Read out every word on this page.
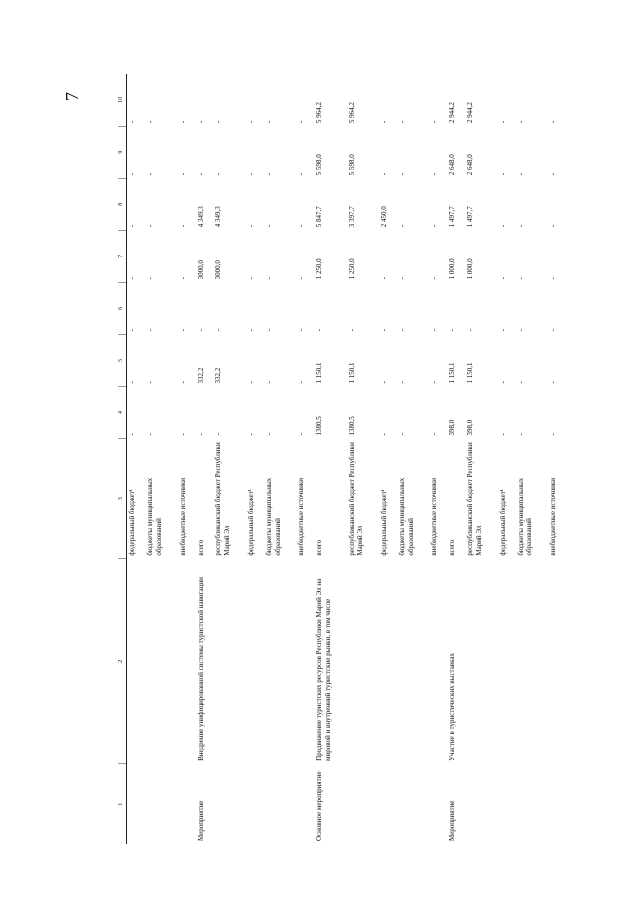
7
1	2	3	4	5	6	7	8	9	10
		федеральный бюджет¹	-	-	-	-	-	-	-
		бюджеты муниципальных образований	-	-	-	-	-	-	-
		внебюджетные источники	-	-	-	-	-	-	-
Мероприятие	Внедрение унифицированной системы туристской навигации	всего	-	332,2	-	3000,0	4 349,3	-	-
		республиканский бюджет Республики Марий Эл	-	332,2	-	3000,0	4 349,3	-	-
		федеральный бюджет¹	-	-	-	-	-	-	-
		бюджеты муниципальных образований	-	-	-	-	-	-	-
		внебюджетные источники	-	-	-	-	-	-	-
Основное мероприятие	Продвижение туристских ресурсов Республики Марий Эл на мировой и внутренний туристские рынки, в том числе	всего	1380,5	1 150,1	-	1 250,0	5 847,7	5 598,0	5 964,2
		республиканский бюджет Республики Марий Эл	1380,5	1 150,1	-	1 250,0	3 397,7	5 598,0	5 964,2
		федеральный бюджет¹	-	-	-	-	2 450,0	-	-
		бюджеты муниципальных образований	-	-	-	-	-	-	-
		внебюджетные источники	-	-	-	-	-	-	-
Мероприятие	Участие в туристических выставках	всего	398,0	1 150,1	-	1 000,0	1 497,7	2 648,0	2 944,2
		республиканский бюджет Республики Марий Эл	398,0	1 150,1	-	1 000,0	1 497,7	2 648,0	2 944,2
		федеральный бюджет¹	-	-	-	-	-	-	-
		бюджеты муниципальных образований	-	-	-	-	-	-	-
		внебюджетные источники	-	-	-	-	-	-	-
